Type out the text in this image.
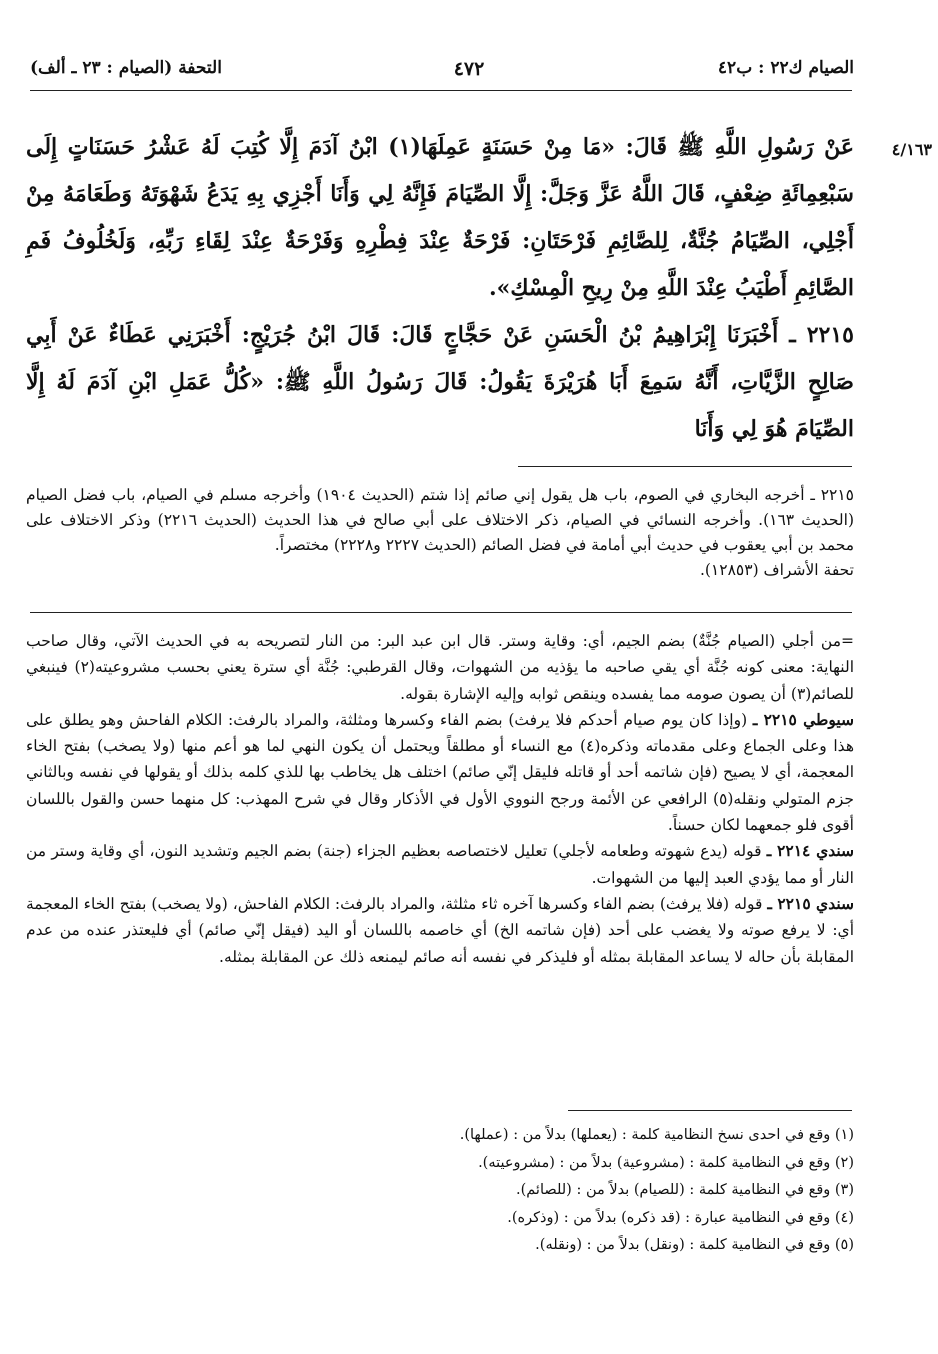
الصيام ك٢٢ : ب٤٢
٤٧٢
التحفة (الصيام : ٢٣ ـ ألف)
٤/١٦٣

عَنْ رَسُولِ اللَّهِ ﷺ قَالَ: «مَا مِنْ حَسَنَةٍ عَمِلَهَا(١) ابْنُ آدَمَ إِلَّا كُتِبَ لَهُ عَشْرُ حَسَنَاتٍ إِلَى سَبْعِمِائَةِ ضِعْفٍ، قَالَ اللَّهُ عَزَّ وَجَلَّ: إِلَّا الصِّيَامَ فَإِنَّهُ لِي وَأَنَا أَجْزِي بِهِ يَدَعُ شَهْوَتَهُ وَطَعَامَهُ مِنْ أَجْلِي، الصِّيَامُ جُنَّةٌ، لِلصَّائِمِ فَرْحَتَانِ: فَرْحَةٌ عِنْدَ فِطْرِهِ وَفَرْحَةٌ عِنْدَ لِقَاءِ رَبِّهِ، وَلَخُلُوفُ فَمِ الصَّائِمِ أَطْيَبُ عِنْدَ اللَّهِ مِنْ رِيحِ الْمِسْكِ».

٢٢١٥ ـ أَخْبَرَنَا إِبْرَاهِيمُ بْنُ الْحَسَنِ عَنْ حَجَّاجٍ قَالَ: قَالَ ابْنُ جُرَيْجٍ: أَخْبَرَنِي عَطَاءٌ عَنْ أَبِي صَالِحٍ الزَّيَّاتِ، أَنَّهُ سَمِعَ أَبَا هُرَيْرَةَ يَقُولُ: قَالَ رَسُولُ اللَّهِ ﷺ: «كُلُّ عَمَلِ ابْنِ آدَمَ لَهُ إِلَّا الصِّيَامَ هُوَ لِي وَأَنَا

٢٢١٥ ـ أخرجه البخاري في الصوم، باب هل يقول إني صائم إذا شتم (الحديث ١٩٠٤) وأخرجه مسلم في الصيام، باب فضل الصيام (الحديث ١٦٣). وأخرجه النسائي في الصيام، ذكر الاختلاف على أبي صالح في هذا الحديث (الحديث ٢٢١٦) وذكر الاختلاف على محمد بن أبي يعقوب في حديث أبي أمامة في فضل الصائم (الحديث ٢٢٢٧ و٢٢٢٨) مختصراً.

تحفة الأشراف (١٢٨٥٣).

=من أجلي (الصيام جُنَّةٌ) بضم الجيم، أي: وقاية وستر. قال ابن عبد البر: من النار لتصريحه به في الحديث الآتي، وقال صاحب النهاية: معنى كونه جُنَّة أي يقي صاحبه ما يؤذيه من الشهوات، وقال القرطبي: جُنَّة أي سترة يعني بحسب مشروعيته(٢) فينبغي للصائم(٣) أن يصون صومه مما يفسده وينقص ثوابه وإليه الإشارة بقوله.

سيوطي ٢٢١٥ ـ (وإذا كان يوم صيام أحدكم فلا يرفث) بضم الفاء وكسرها ومثلثة، والمراد بالرفث: الكلام الفاحش وهو يطلق على هذا وعلى الجماع وعلى مقدماته وذكره(٤) مع النساء أو مطلقاً ويحتمل أن يكون النهي لما هو أعم منها (ولا يصخب) بفتح الخاء المعجمة، أي لا يصيح (فإن شاتمه أحد أو قاتله فليقل إنّي صائم) اختلف هل يخاطب بها للذي كلمه بذلك أو يقولها في نفسه وبالثاني جزم المتولي ونقله(٥) الرافعي عن الأئمة ورجح النووي الأول في الأذكار وقال في شرح المهذب: كل منهما حسن والقول باللسان أقوى فلو جمعهما لكان حسناً.

سندي ٢٢١٤ ـ قوله (يدع شهوته وطعامه لأجلي) تعليل لاختصاصه بعظيم الجزاء (جنة) بضم الجيم وتشديد النون، أي وقاية وستر من النار أو مما يؤدي العبد إليها من الشهوات.

سندي ٢٢١٥ ـ قوله (فلا يرفث) بضم الفاء وكسرها آخره ثاء مثلثة، والمراد بالرفث: الكلام الفاحش، (ولا يصخب) بفتح الخاء المعجمة أي: لا يرفع صوته ولا يغضب على أحد (فإن شاتمه الخ) أي خاصمه باللسان أو اليد (فيقل إنّي صائم) أي فليعتذر عنده من عدم المقابلة بأن حاله لا يساعد المقابلة بمثله أو فليذكر في نفسه أنه صائم ليمنعه ذلك عن المقابلة بمثله.

(١) وقع في احدى نسخ النظامية كلمة : (يعملها) بدلاً من : (عملها).
(٢) وقع في النظامية كلمة : (مشروعية) بدلاً من : (مشروعيته).
(٣) وقع في النظامية كلمة : (للصيام) بدلاً من : (للصائم).
(٤) وقع في النظامية عبارة : (قد ذكره) بدلاً من : (وذكره).
(٥) وقع في النظامية كلمة : (ونقل) بدلاً من : (ونقله).
